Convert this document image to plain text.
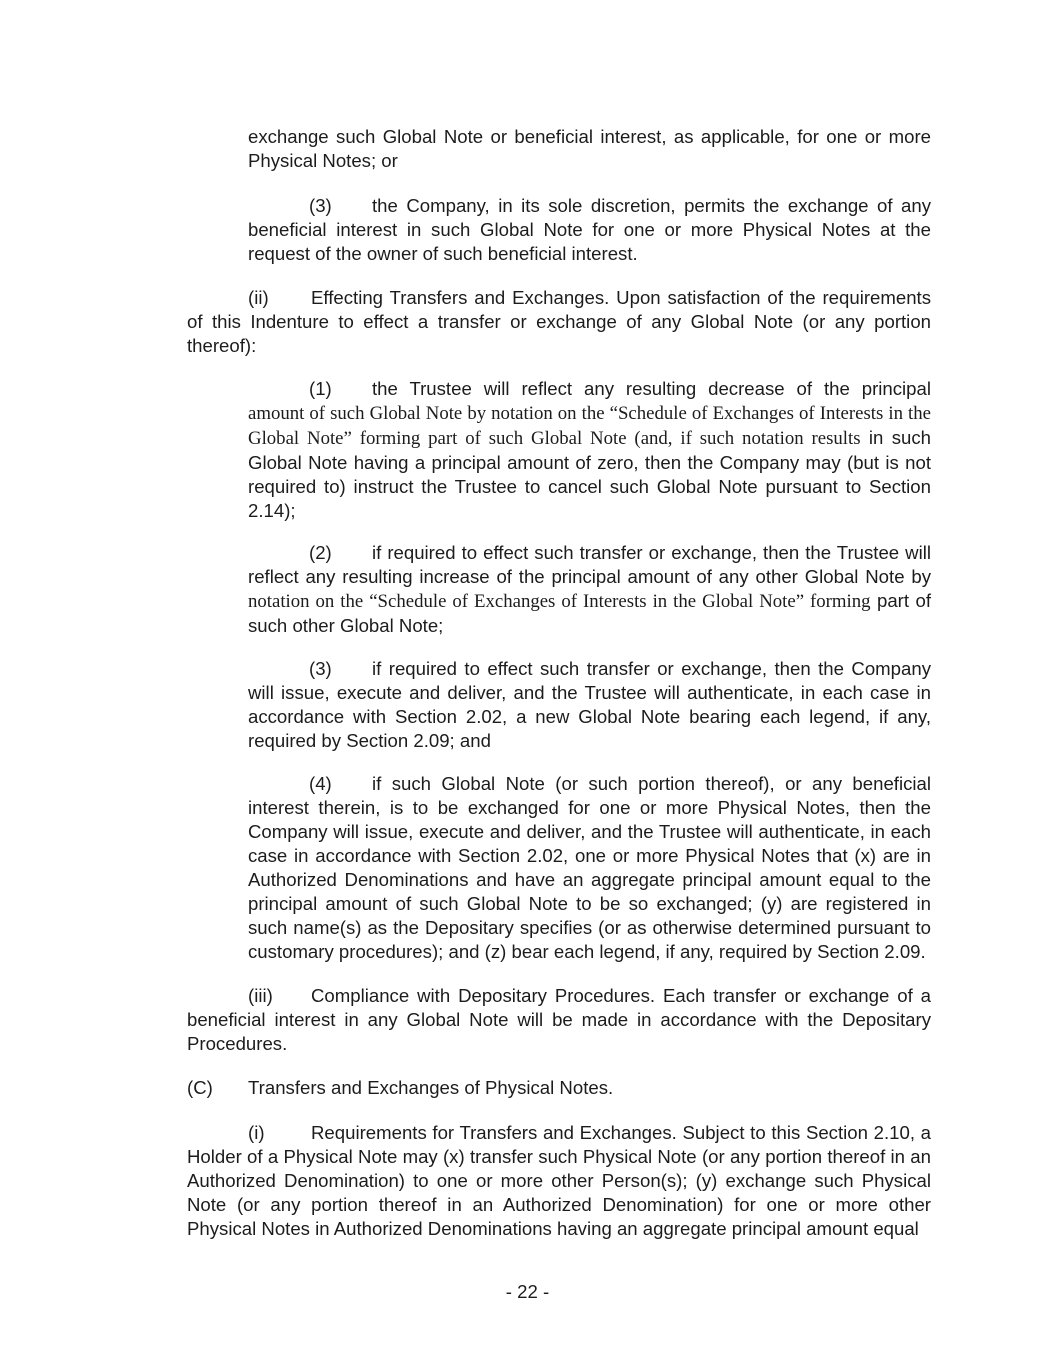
exchange such Global Note or beneficial interest, as applicable, for one or more Physical Notes; or

(3) the Company, in its sole discretion, permits the exchange of any beneficial interest in such Global Note for one or more Physical Notes at the request of the owner of such beneficial interest.

(ii) Effecting Transfers and Exchanges. Upon satisfaction of the requirements of this Indenture to effect a transfer or exchange of any Global Note (or any portion thereof):

(1) the Trustee will reflect any resulting decrease of the principal amount of such Global Note by notation on the “Schedule of Exchanges of Interests in the Global Note” forming part of such Global Note (and, if such notation results in such Global Note having a principal amount of zero, then the Company may (but is not required to) instruct the Trustee to cancel such Global Note pursuant to Section 2.14);

(2) if required to effect such transfer or exchange, then the Trustee will reflect any resulting increase of the principal amount of any other Global Note by notation on the “Schedule of Exchanges of Interests in the Global Note” forming part of such other Global Note;

(3) if required to effect such transfer or exchange, then the Company will issue, execute and deliver, and the Trustee will authenticate, in each case in accordance with Section 2.02, a new Global Note bearing each legend, if any, required by Section 2.09; and

(4) if such Global Note (or such portion thereof), or any beneficial interest therein, is to be exchanged for one or more Physical Notes, then the Company will issue, execute and deliver, and the Trustee will authenticate, in each case in accordance with Section 2.02, one or more Physical Notes that (x) are in Authorized Denominations and have an aggregate principal amount equal to the principal amount of such Global Note to be so exchanged; (y) are registered in such name(s) as the Depositary specifies (or as otherwise determined pursuant to customary procedures); and (z) bear each legend, if any, required by Section 2.09.

(iii) Compliance with Depositary Procedures. Each transfer or exchange of a beneficial interest in any Global Note will be made in accordance with the Depositary Procedures.

(C) Transfers and Exchanges of Physical Notes.

(i) Requirements for Transfers and Exchanges. Subject to this Section 2.10, a Holder of a Physical Note may (x) transfer such Physical Note (or any portion thereof in an Authorized Denomination) to one or more other Person(s); (y) exchange such Physical Note (or any portion thereof in an Authorized Denomination) for one or more other Physical Notes in Authorized Denominations having an aggregate principal amount equal

- 22 -
